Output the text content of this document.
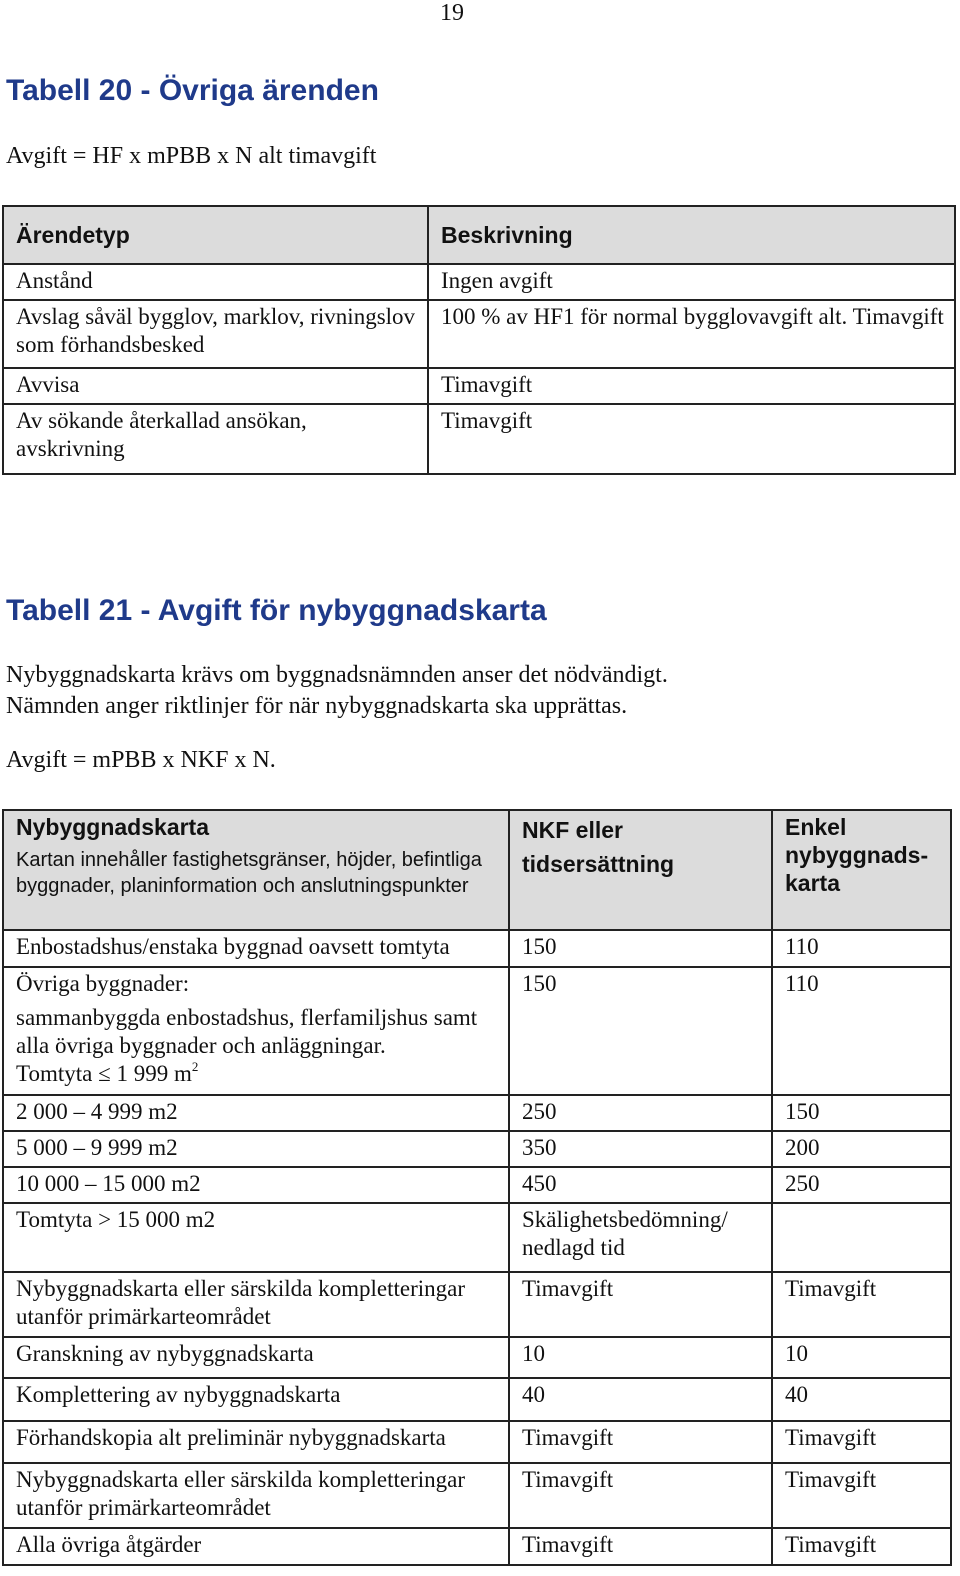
19
Tabell 20 - Övriga ärenden

Avgift = HF x mPBB x N alt timavgift

Ärendetyp	Beskrivning
Anstånd	Ingen avgift
Avslag såväl bygglov, marklov, rivningslov som förhandsbesked	100 % av HF1 för normal bygglovavgift alt. Timavgift
Avvisa	Timavgift
Av sökande återkallad ansökan, avskrivning	Timavgift
Tabell 21 - Avgift för nybyggnadskarta

Nybyggnadskarta krävs om byggnadsnämnden anser det nödvändigt.

Nämnden anger riktlinjer för när nybyggnadskarta ska upprättas.

Avgift = mPBB x NKF x N.

Nybyggnadskarta
Kartan innehåller fastighetsgränser, höjder, befintliga byggnader, planinformation och anslutningspunkter	NKF eller tidsersättning	Enkel nybyggnads-karta
Enbostadshus/enstaka byggnad oavsett tomtyta	150	110
Övriga byggnader:
sammanbyggda enbostadshus, flerfamiljshus samt alla övriga byggnader och anläggningar.
Tomtyta ≤ 1 999 $m^2$	150	110
2 000 – 4 999 m2	250	150
5 000 – 9 999 m2	350	200
10 000 – 15 000 m2	450	250
Tomtyta > 15 000 m2	Skälighetsbedömning/ nedlagd tid	
Nybyggnadskarta eller särskilda kompletteringar utanför primärkarteområdet	Timavgift	Timavgift
Granskning av nybyggnadskarta	10	10
Komplettering av nybyggnadskarta	40	40
Förhandskopia alt preliminär nybyggnadskarta	Timavgift	Timavgift
Nybyggnadskarta eller särskilda kompletteringar utanför primärkarteområdet	Timavgift	Timavgift
Alla övriga åtgärder	Timavgift	Timavgift
